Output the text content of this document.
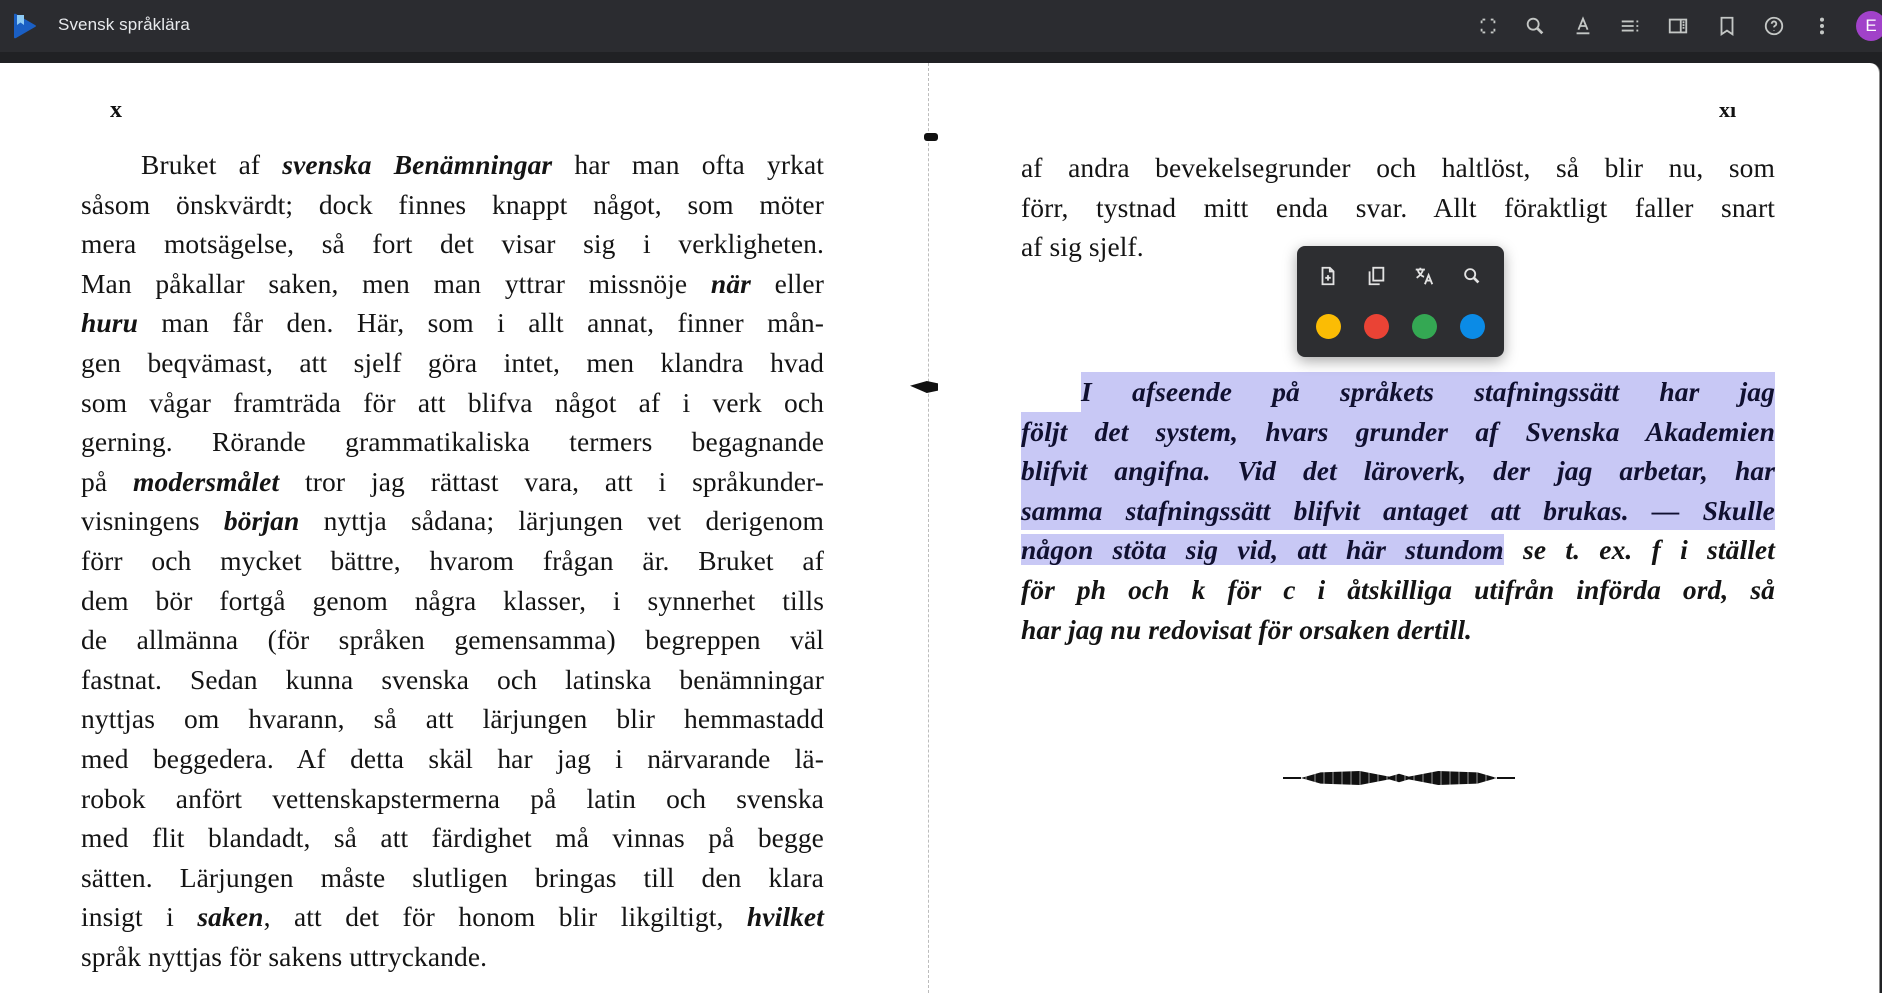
Svensk språklära	E
x
Bruket af svenska Benämningar har man ofta yrkat
såsom önskvärdt; dock finnes knappt något, som möter
mera motsägelse, så fort det visar sig i verkligheten.
Man påkallar saken, men man yttrar missnöje när eller
huru man får den. Här, som i allt annat, finner mån-
gen beqvämast, att sjelf göra intet, men klandra hvad
som vågar framträda för att blifva något af i verk och
gerning. Rörande grammatikaliska termers begagnande
på modersmålet tror jag rättast vara, att i språkunder-
visningens början nyttja sådana; lärjungen vet derigenom
förr och mycket bättre, hvarom frågan är. Bruket af
dem bör fortgå genom några klasser, i synnerhet tills
de allmänna (för språken gemensamma) begreppen väl
fastnat. Sedan kunna svenska och latinska benämningar
nyttjas om hvarann, så att lärjungen blir hemmastadd
med beggedera. Af detta skäl har jag i närvarande lä-
robok anfört vettenskapstermerna på latin och svenska
med flit blandadt, så att färdighet må vinnas på begge
sätten. Lärjungen måste slutligen bringas till den klara
insigt i saken, att det för honom blir likgiltigt, hvilket
språk nyttjas för sakens uttryckande.
xı
af andra bevekelsegrunder och haltlöst, så blir nu, som
förr, tystnad mitt enda svar. Allt föraktligt faller snart
af sig sjelf.
I afseende på språkets stafningssätt har jag
följt det system, hvars grunder af Svenska Akademien
blifvit angifna. Vid det läroverk, der jag arbetar, har
samma stafningssätt blifvit antaget att brukas. — Skulle
någon stöta sig vid, att här stundom se t. ex. f i stället
för ph och k för c i åtskilliga utifrån införda ord, så
har jag nu redovisat för orsaken dertill.
